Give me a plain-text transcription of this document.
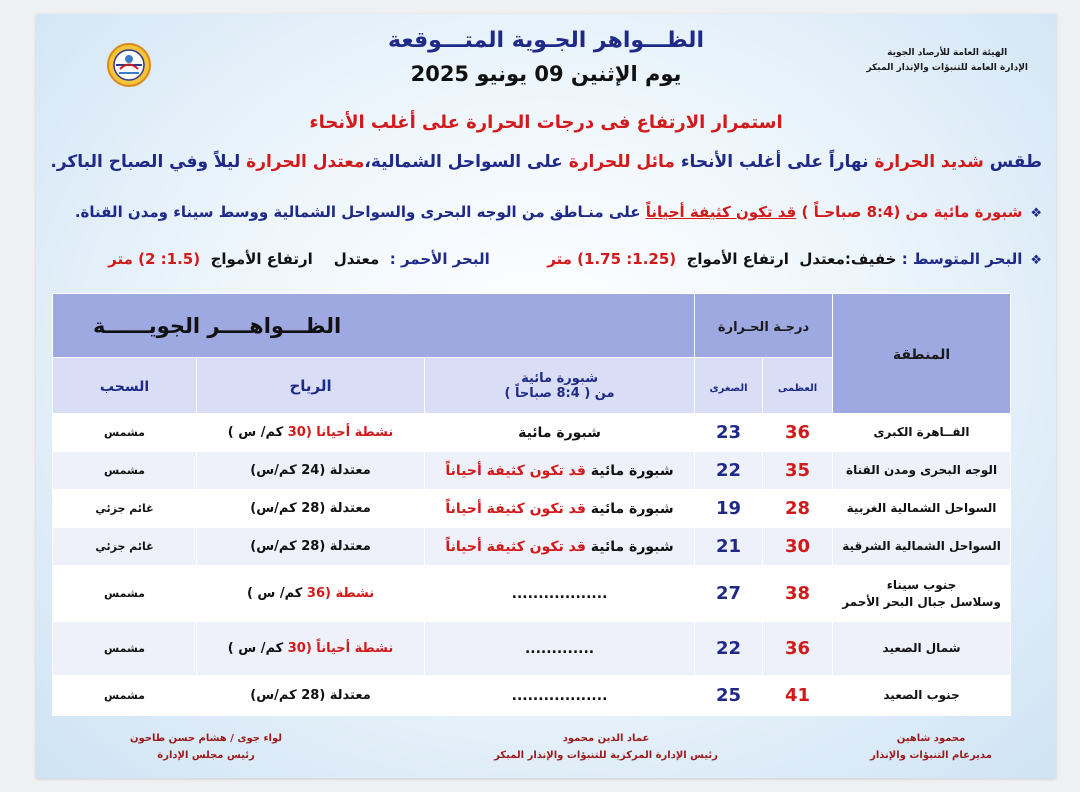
الهيئة العامة للأرصاد الجوية
الإدارة العامة للتنبؤات والإنذار المبكر
الظـــواهر الجـوية المتـــوقعة
يوم الإثنين 09 يونيو 2025
استمرار الارتفاع فى درجات الحرارة على أغلب الأنحاء
طقس شديد الحرارة نهاراً على أغلب الأنحاء مائل للحرارة على السواحل الشمالية،معتدل الحرارة ليلاً وفي الصباح الباكر.
❖شبورة مائية من (8:4 صباحـاً ) قد تكون كثيفة أحياناً على منـاطق من الوجه البحرى والسواحل الشمالية ووسط سيناء ومدن القناة.
❖البحر المتوسط : خفيف:معتدل  ارتفاع الأمواج  (1.25: 1.75) متر           البحر الأحمر :  معتدل    ارتفاع الأمواج  (1.5: 2) متر
المنطقة	درجـة الحـرارة		الظـــواهــــر الجويــــــة		
	العظمى	الصغرى	شبورة مائية
من ( 8:4 صباحاً )	الرياح	السحب
القــاهرة الكبرى	36	23	شبورة مائية	نشطة أحيانا (30 كم/ س )	مشمس
الوجه البحرى ومدن القناة	35	22	شبورة مائية قد تكون كثيفة أحياناً	معتدلة (24 كم/س)	مشمس
السواحل الشمالية الغربية	28	19	شبورة مائية قد تكون كثيفة أحياناً	معتدلة (28 كم/س)	غائم جزئي
السواحل الشمالية الشرقية	30	21	شبورة مائية قد تكون كثيفة أحياناً	معتدلة (28 كم/س)	غائم جزئي

جنوب سيناء
وسلاسل جبال البحر الأحمر	38	27	..................	نشطة (36 كم/ س )	مشمس
شمال الصعيد	36	22	.............	نشطة أحياناً (30 كم/ س )	مشمس
جنوب الصعيد	41	25	..................	معتدلة (28 كم/س)	مشمس
محمود شاهين
مديرعام التنبؤات والإنذار
عماد الدين محمود
رئيس الإدارة المركزية للتنبؤات والإنذار المبكر
لواء جوى / هشام حسن طاحون
رئيس مجلس الإدارة
